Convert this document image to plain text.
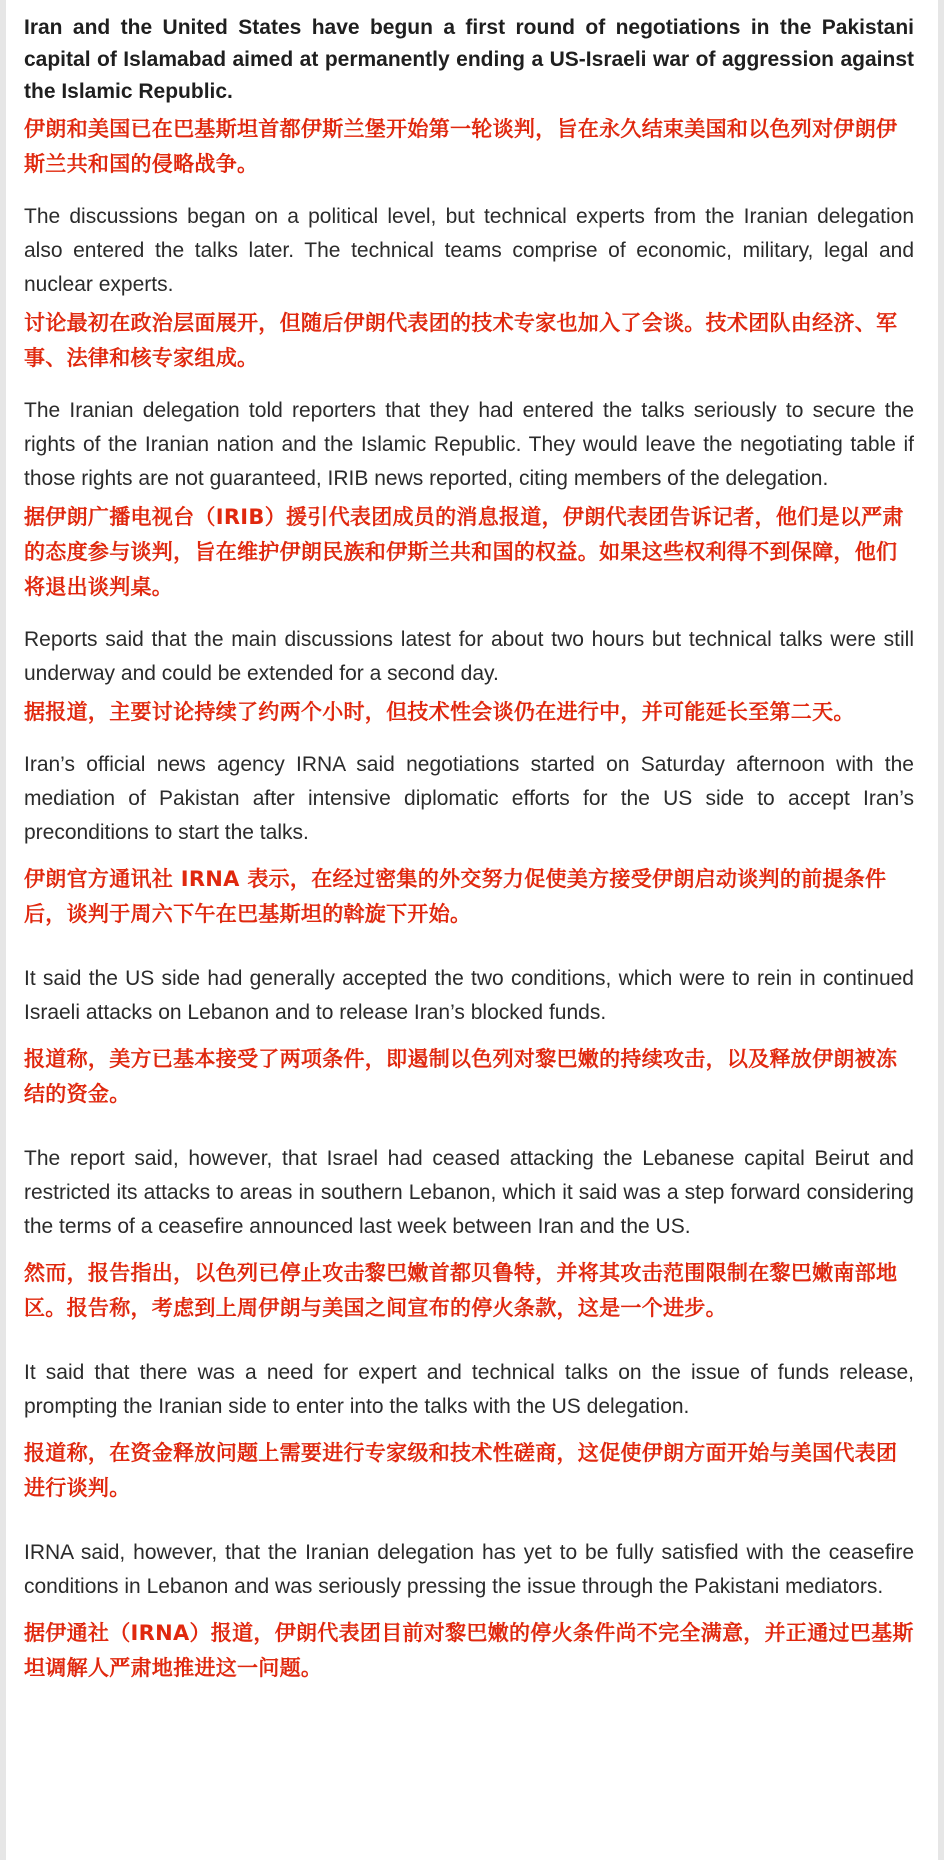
Iran and the United States have begun a first round of negotiations in the Pakistani capital of Islamabad aimed at permanently ending a US-Israeli war of aggression against the Islamic Republic.

伊朗和美国已在巴基斯坦首都伊斯兰堡开始第一轮谈判，旨在永久结束美国和以色列对伊朗伊斯兰共和国的侵略战争。

The discussions began on a political level, but technical experts from the Iranian delegation also entered the talks later. The technical teams comprise of economic, military, legal and nuclear experts.

讨论最初在政治层面展开，但随后伊朗代表团的技术专家也加入了会谈。技术团队由经济、军事、法律和核专家组成。

The Iranian delegation told reporters that they had entered the talks seriously to secure the rights of the Iranian nation and the Islamic Republic. They would leave the negotiating table if those rights are not guaranteed, IRIB news reported, citing members of the delegation.

据伊朗广播电视台（IRIB）援引代表团成员的消息报道，伊朗代表团告诉记者，他们是以严肃的态度参与谈判，旨在维护伊朗民族和伊斯兰共和国的权益。如果这些权利得不到保障，他们将退出谈判桌。

Reports said that the main discussions latest for about two hours but technical talks were still underway and could be extended for a second day.

据报道，主要讨论持续了约两个小时，但技术性会谈仍在进行中，并可能延长至第二天。

Iran’s official news agency IRNA said negotiations started on Saturday afternoon with the mediation of Pakistan after intensive diplomatic efforts for the US side to accept Iran’s preconditions to start the talks.

伊朗官方通讯社 IRNA 表示，在经过密集的外交努力促使美方接受伊朗启动谈判的前提条件后，谈判于周六下午在巴基斯坦的斡旋下开始。

It said the US side had generally accepted the two conditions, which were to rein in continued Israeli attacks on Lebanon and to release Iran’s blocked funds.

报道称，美方已基本接受了两项条件，即遏制以色列对黎巴嫩的持续攻击，以及释放伊朗被冻结的资金。

The report said, however, that Israel had ceased attacking the Lebanese capital Beirut and restricted its attacks to areas in southern Lebanon, which it said was a step forward considering the terms of a ceasefire announced last week between Iran and the US.

然而，报告指出，以色列已停止攻击黎巴嫩首都贝鲁特，并将其攻击范围限制在黎巴嫩南部地区。报告称，考虑到上周伊朗与美国之间宣布的停火条款，这是一个进步。

It said that there was a need for expert and technical talks on the issue of funds release, prompting the Iranian side to enter into the talks with the US delegation.

报道称，在资金释放问题上需要进行专家级和技术性磋商，这促使伊朗方面开始与美国代表团进行谈判。

IRNA said, however, that the Iranian delegation has yet to be fully satisfied with the ceasefire conditions in Lebanon and was seriously pressing the issue through the Pakistani mediators.

据伊通社（IRNA）报道，伊朗代表团目前对黎巴嫩的停火条件尚不完全满意，并正通过巴基斯坦调解人严肃地推进这一问题。
